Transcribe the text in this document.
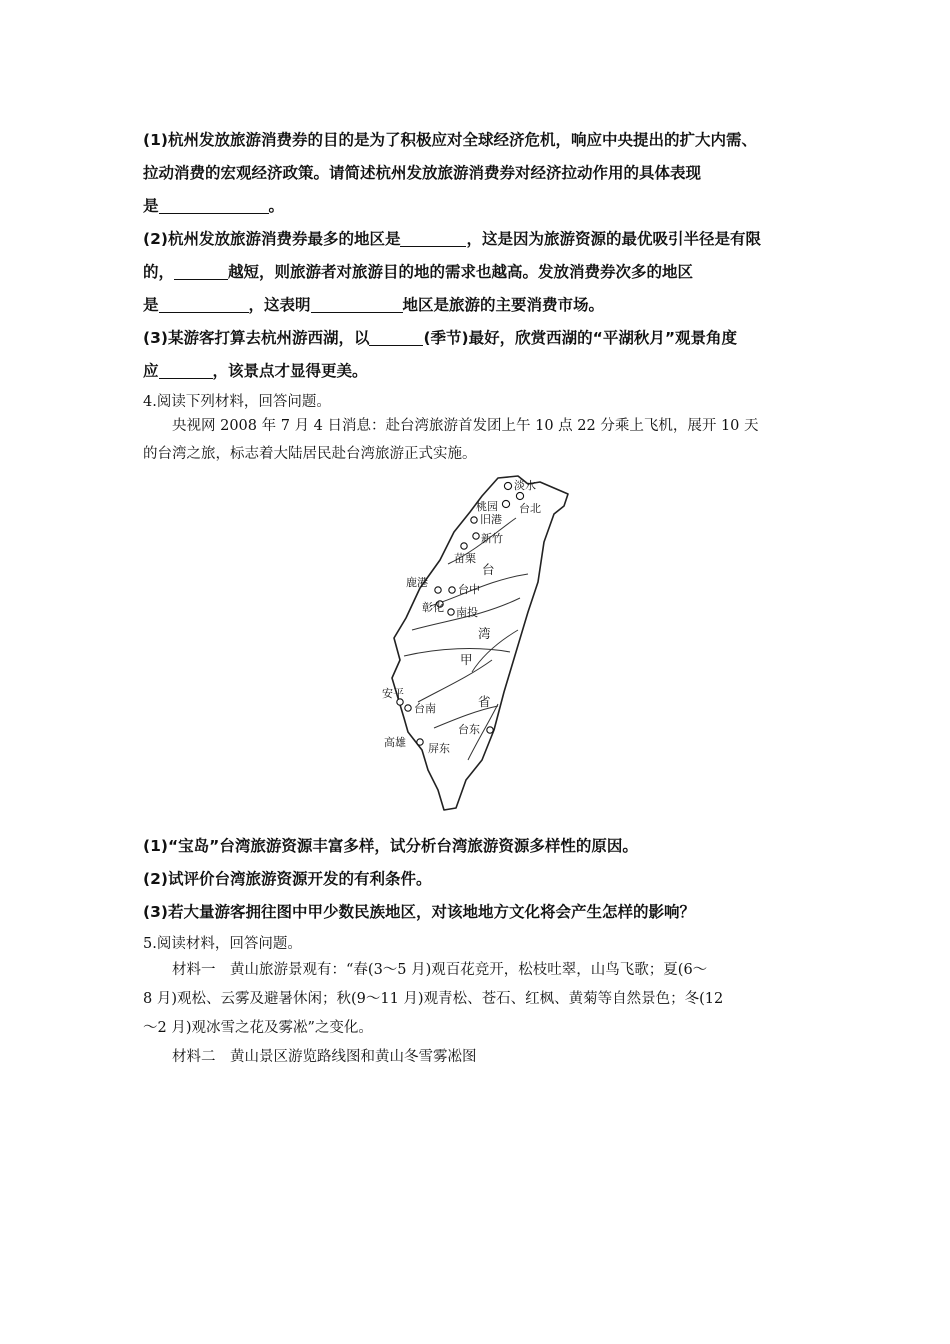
(1)杭州发放旅游消费券的目的是为了积极应对全球经济危机，响应中央提出的扩大内需、
拉动消费的宏观经济政策。请简述杭州发放旅游消费券对经济拉动作用的具体表现
是	。
(2)杭州发放旅游消费券最多的地区是	，这是因为旅游资源的最优吸引半径是有限
的，	越短，则旅游者对旅游目的地的需求也越高。发放消费券次多的地区
是	，这表明	地区是旅游的主要消费市场。
(3)某游客打算去杭州游西湖，以	(季节)最好，欣赏西湖的“平湖秋月”观景角度
应	，该景点才显得更美。
4.阅读下列材料，回答问题。
央视网 2008 年 7 月 4 日消息：赴台湾旅游首发团上午 10 点 22 分乘上飞机，展开 10 天
的台湾之旅，标志着大陆居民赴台湾旅游正式实施。
淡水
桃园 台北
旧港
新竹
苗栗
鹿港
台中
彰化 南投
安平
台南
台东
高雄 屏东
台
湾
甲
省
(1)“宝岛”台湾旅游资源丰富多样，试分析台湾旅游资源多样性的原因。
(2)试评价台湾旅游资源开发的有利条件。
(3)若大量游客拥往图中甲少数民族地区，对该地地方文化将会产生怎样的影响？
5.阅读材料，回答问题。
材料一　黄山旅游景观有：“春(3～5 月)观百花竞开，松枝吐翠，山鸟飞歌；夏(6～
8 月)观松、云雾及避暑休闲；秋(9～11 月)观青松、苍石、红枫、黄菊等自然景色；冬(12
～2 月)观冰雪之花及雾凇”之变化。
材料二　黄山景区游览路线图和黄山冬雪雾凇图
